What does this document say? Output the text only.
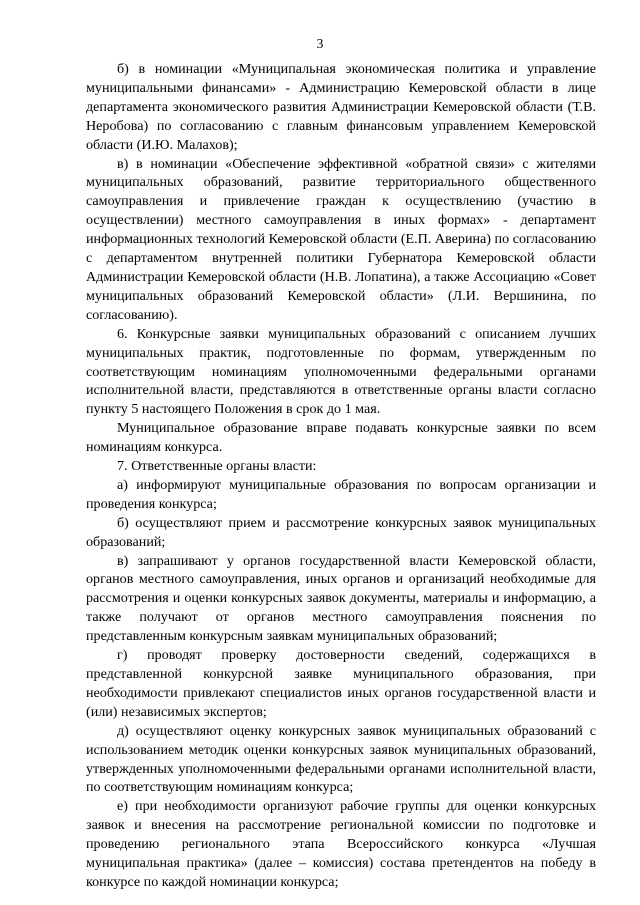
3

б) в номинации «Муниципальная экономическая политика и управление муниципальными финансами» - Администрацию Кемеровской области в лице департамента экономического развития Администрации Кемеровской области (Т.В. Неробова) по согласованию с главным финансовым управлением Кемеровской области (И.Ю. Малахов);

в) в номинации «Обеспечение эффективной «обратной связи» с жителями муниципальных образований, развитие территориального общественного самоуправления и привлечение граждан к осуществлению (участию в осуществлении) местного самоуправления в иных формах» - департамент информационных технологий Кемеровской области (Е.П. Аверина) по согласованию с департаментом внутренней политики Губернатора Кемеровской области Администрации Кемеровской области (Н.В. Лопатина), а также Ассоциацию «Совет муниципальных образований Кемеровской области» (Л.И. Вершинина, по согласованию).

6. Конкурсные заявки муниципальных образований с описанием лучших муниципальных практик, подготовленные по формам, утвержденным по соответствующим номинациям уполномоченными федеральными органами исполнительной власти, представляются в ответственные органы власти согласно пункту 5 настоящего Положения в срок до 1 мая.

Муниципальное образование вправе подавать конкурсные заявки по всем номинациям конкурса.

7. Ответственные органы власти:

а) информируют муниципальные образования по вопросам организации и проведения конкурса;

б) осуществляют прием и рассмотрение конкурсных заявок муниципальных образований;

в) запрашивают у органов государственной власти Кемеровской области, органов местного самоуправления, иных органов и организаций необходимые для рассмотрения и оценки конкурсных заявок документы, материалы и информацию, а также получают от органов местного самоуправления пояснения по представленным конкурсным заявкам муниципальных образований;

г) проводят проверку достоверности сведений, содержащихся в представленной конкурсной заявке муниципального образования, при необходимости привлекают специалистов иных органов государственной власти и (или) независимых экспертов;

д) осуществляют оценку конкурсных заявок муниципальных образований с использованием методик оценки конкурсных заявок муниципальных образований, утвержденных уполномоченными федеральными органами исполнительной власти, по соответствующим номинациям конкурса;

е) при необходимости организуют рабочие группы для оценки конкурсных заявок и внесения на рассмотрение региональной комиссии по подготовке и проведению регионального этапа Всероссийского конкурса «Лучшая муниципальная практика» (далее – комиссия) состава претендентов на победу в конкурсе по каждой номинации конкурса;
